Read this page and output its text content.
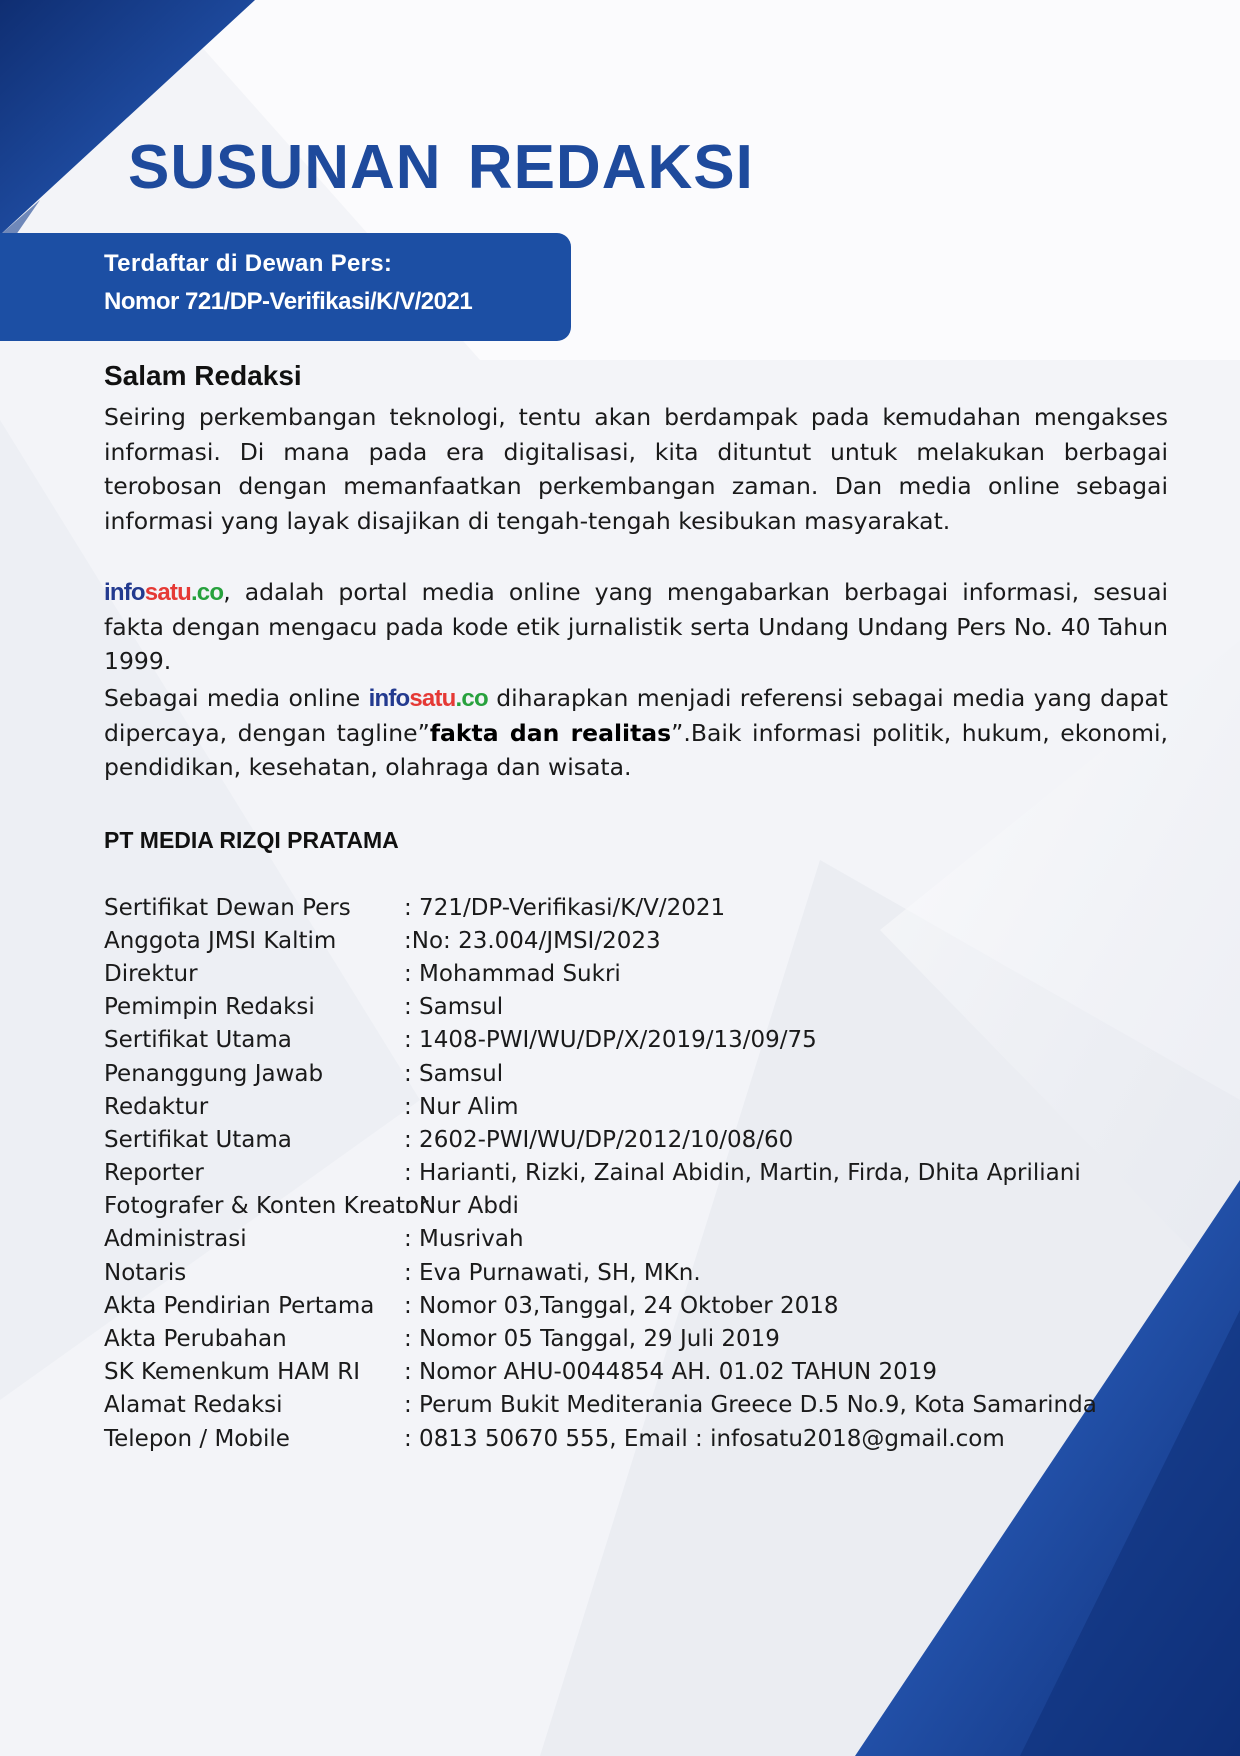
SUSUNAN REDAKSI
Terdaftar di Dewan Pers:
Nomor 721/DP-Verifikasi/K/V/2021
Salam Redaksi

Seiring perkembangan teknologi, tentu akan berdampak pada kemudahan mengakses informasi. Di mana pada era digitalisasi, kita dituntut untuk melakukan berbagai terobosan dengan memanfaatkan perkembangan zaman. Dan media online sebagai informasi yang layak disajikan di tengah-tengah kesibukan masyarakat.

infosatu.co, adalah portal media online yang mengabarkan berbagai informasi, sesuai fakta dengan mengacu pada kode etik jurnalistik serta Undang Undang Pers No. 40 Tahun 1999.

Sebagai media online infosatu.co diharapkan menjadi referensi sebagai media yang dapat dipercaya, dengan tagline”fakta dan realitas”.Baik informasi politik, hukum, ekonomi, pendidikan, kesehatan, olahraga dan wisata.

PT MEDIA RIZQI PRATAMA
Sertifikat Dewan Pers	: 721/DP-Verifikasi/K/V/2021
Anggota JMSI Kaltim	:No: 23.004/JMSI/2023
Direktur	: Mohammad Sukri
Pemimpin Redaksi	: Samsul
Sertifikat Utama	: 1408-PWI/WU/DP/X/2019/13/09/75
Penanggung Jawab	: Samsul
Redaktur	: Nur Alim
Sertifikat Utama	: 2602-PWI/WU/DP/2012/10/08/60
Reporter	: Harianti, Rizki, Zainal Abidin, Martin, Firda, Dhita Apriliani
Fotografer & Konten Kreator
: Nur Abdi
Administrasi	: Musrivah
Notaris	: Eva Purnawati, SH, MKn.
Akta Pendirian Pertama	: Nomor 03,Tanggal, 24 Oktober 2018
Akta Perubahan	: Nomor 05 Tanggal, 29 Juli 2019
SK Kemenkum HAM RI	: Nomor AHU-0044854 AH. 01.02 TAHUN 2019
Alamat Redaksi	: Perum Bukit Mediterania Greece D.5 No.9, Kota Samarinda
Telepon / Mobile	: 0813 50670 555, Email : infosatu2018@gmail.com
